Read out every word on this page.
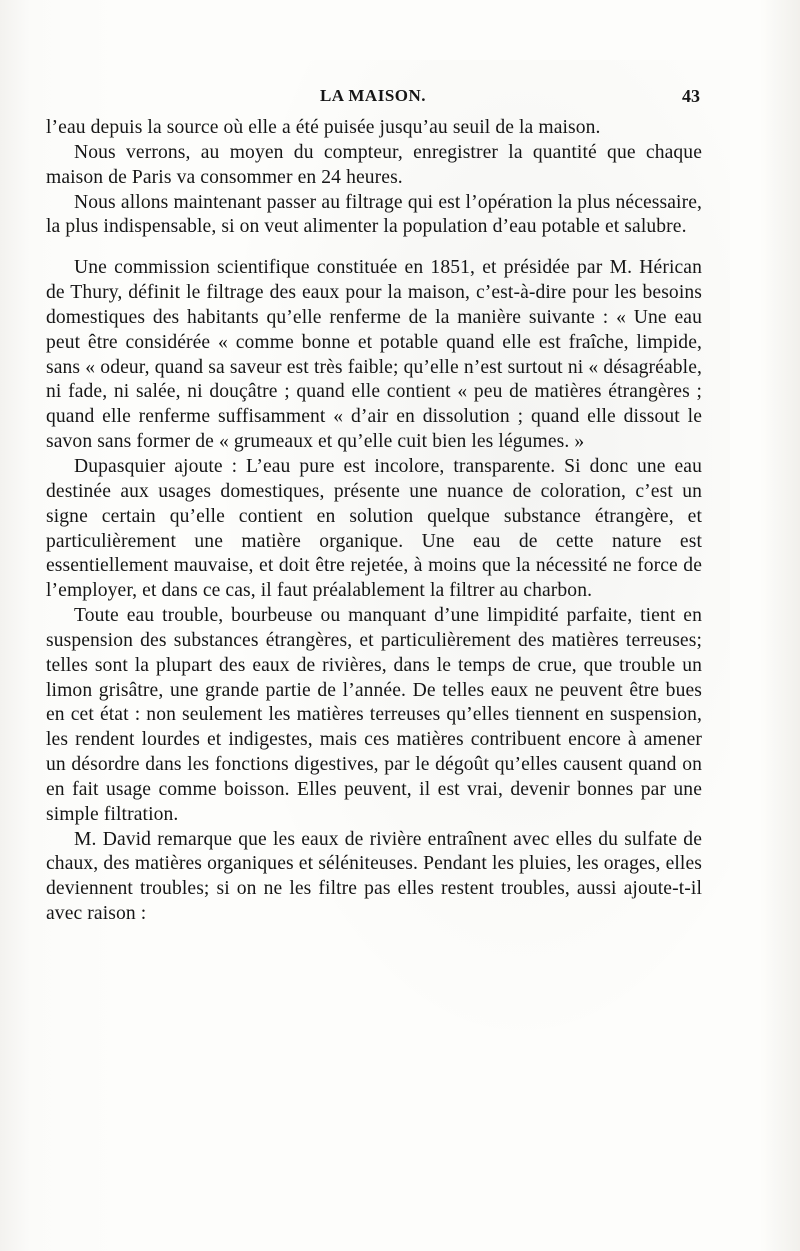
LA MAISON.	43

l’eau depuis la source où elle a été puisée jusqu’au seuil de la maison.

Nous verrons, au moyen du compteur, enregistrer la quantité que chaque maison de Paris va consommer en 24 heures.

Nous allons maintenant passer au filtrage qui est l’opération la plus nécessaire, la plus indispensable, si on veut alimenter la population d’eau potable et salubre.

Une commission scientifique constituée en 1851, et présidée par M. Hérican de Thury, définit le filtrage des eaux pour la maison, c’est-à-dire pour les besoins domestiques des habitants qu’elle renferme de la manière suivante : « Une eau peut être considérée « comme bonne et potable quand elle est fraîche, limpide, sans « odeur, quand sa saveur est très faible; qu’elle n’est surtout ni « désagréable, ni fade, ni salée, ni douçâtre ; quand elle contient « peu de matières étrangères ; quand elle renferme suffisamment « d’air en dissolution ; quand elle dissout le savon sans former de « grumeaux et qu’elle cuit bien les légumes. »

Dupasquier ajoute : L’eau pure est incolore, transparente. Si donc une eau destinée aux usages domestiques, présente une nuance de coloration, c’est un signe certain qu’elle contient en solution quelque substance étrangère, et particulièrement une matière organique. Une eau de cette nature est essentiellement mauvaise, et doit être rejetée, à moins que la nécessité ne force de l’employer, et dans ce cas, il faut préalablement la filtrer au charbon.

Toute eau trouble, bourbeuse ou manquant d’une limpidité parfaite, tient en suspension des substances étrangères, et particulièrement des matières terreuses; telles sont la plupart des eaux de rivières, dans le temps de crue, que trouble un limon grisâtre, une grande partie de l’année. De telles eaux ne peuvent être bues en cet état : non seulement les matières terreuses qu’elles tiennent en suspension, les rendent lourdes et indigestes, mais ces matières contribuent encore à amener un désordre dans les fonctions digestives, par le dégoût qu’elles causent quand on en fait usage comme boisson. Elles peuvent, il est vrai, devenir bonnes par une simple filtration.

M. David remarque que les eaux de rivière entraînent avec elles du sulfate de chaux, des matières organiques et séléniteuses. Pendant les pluies, les orages, elles deviennent troubles; si on ne les filtre pas elles restent troubles, aussi ajoute-t-il avec raison :
